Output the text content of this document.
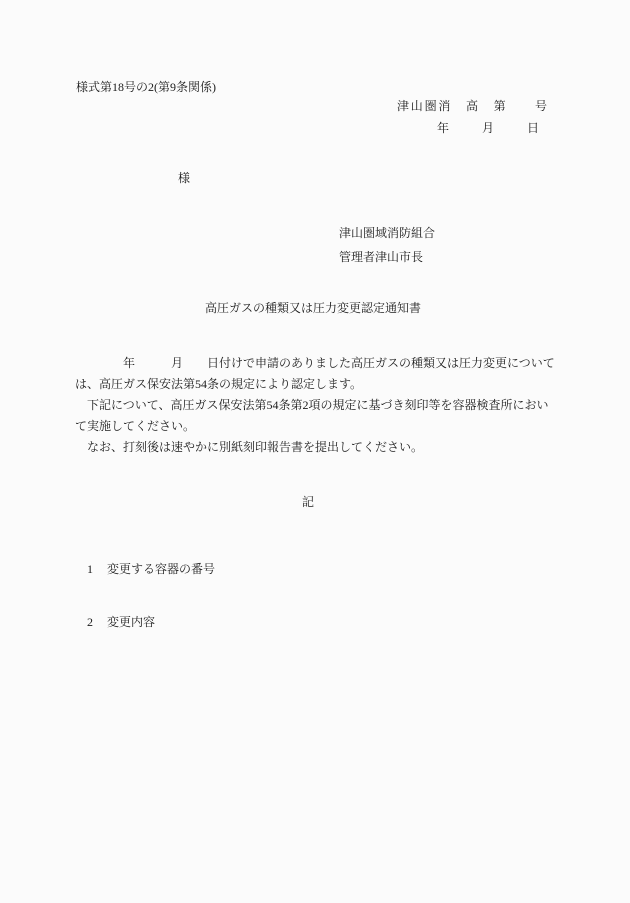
様式第18号の2(第9条関係)
津山圏消　高　第　　号
年　　月　　日
様
津山圏域消防組合
管理者津山市長
高圧ガスの種類又は圧力変更認定通知書
　　　　年　　　月　　日付けで申請のありました高圧ガスの種類又は圧力変更について
は、高圧ガス保安法第54条の規定により認定します。
　下記について、高圧ガス保安法第54条第2項の規定に基づき刻印等を容器検査所におい
て実施してください。
　なお、打刻後は速やかに別紙刻印報告書を提出してください。
記

1 変更する容器の番号

2 変更内容
